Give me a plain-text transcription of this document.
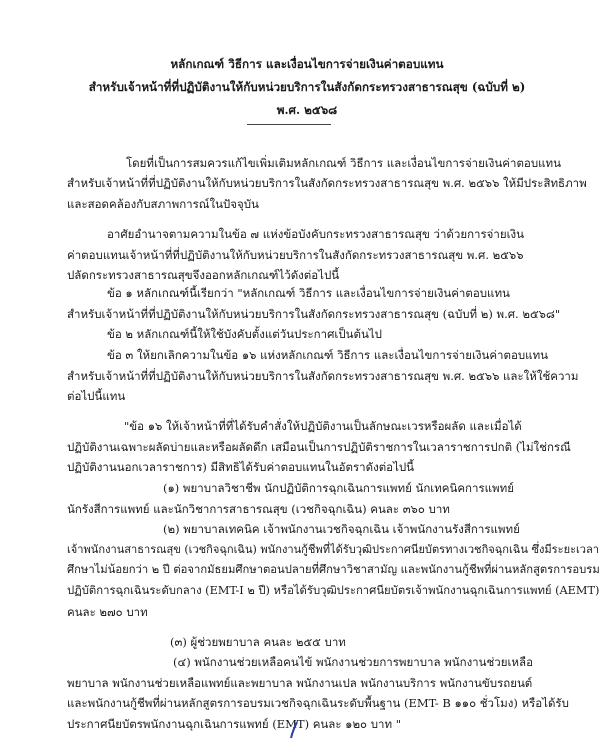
หลักเกณฑ์ วิธีการ และเงื่อนไขการจ่ายเงินค่าตอบแทน
สำหรับเจ้าหน้าที่ที่ปฏิบัติงานให้กับหน่วยบริการในสังกัดกระทรวงสาธารณสุข (ฉบับที่ ๒)
พ.ศ. ๒๕๖๘
โดยที่เป็นการสมควรแก้ไขเพิ่มเติมหลักเกณฑ์ วิธีการ และเงื่อนไขการจ่ายเงินค่าตอบแทน
สำหรับเจ้าหน้าที่ที่ปฏิบัติงานให้กับหน่วยบริการในสังกัดกระทรวงสาธารณสุข พ.ศ. ๒๕๖๖ ให้มีประสิทธิภาพ
และสอดคล้องกับสภาพการณ์ในปัจจุบัน
อาศัยอำนาจตามความในข้อ ๗ แห่งข้อบังคับกระทรวงสาธารณสุข ว่าด้วยการจ่ายเงิน
ค่าตอบแทนเจ้าหน้าที่ที่ปฏิบัติงานให้กับหน่วยบริการในสังกัดกระทรวงสาธารณสุข พ.ศ. ๒๕๖๖
ปลัดกระทรวงสาธารณสุขจึงออกหลักเกณฑ์ไว้ดังต่อไปนี้
ข้อ ๑ หลักเกณฑ์นี้เรียกว่า "หลักเกณฑ์ วิธีการ และเงื่อนไขการจ่ายเงินค่าตอบแทน
สำหรับเจ้าหน้าที่ที่ปฏิบัติงานให้กับหน่วยบริการในสังกัดกระทรวงสาธารณสุข (ฉบับที่ ๒) พ.ศ. ๒๕๖๘"
ข้อ ๒ หลักเกณฑ์นี้ให้ใช้บังคับตั้งแต่วันประกาศเป็นต้นไป
ข้อ ๓ ให้ยกเลิกความในข้อ ๑๖ แห่งหลักเกณฑ์ วิธีการ และเงื่อนไขการจ่ายเงินค่าตอบแทน
สำหรับเจ้าหน้าที่ที่ปฏิบัติงานให้กับหน่วยบริการในสังกัดกระทรวงสาธารณสุข พ.ศ. ๒๕๖๖ และให้ใช้ความ
ต่อไปนี้แทน
"ข้อ ๑๖ ให้เจ้าหน้าที่ที่ได้รับคำสั่งให้ปฏิบัติงานเป็นลักษณะเวรหรือผลัด และเมื่อได้
ปฏิบัติงานเฉพาะผลัดบ่ายและหรือผลัดดึก เสมือนเป็นการปฏิบัติราชการในเวลาราชการปกติ (ไม่ใช่กรณี
ปฏิบัติงานนอกเวลาราชการ) มีสิทธิได้รับค่าตอบแทนในอัตราดังต่อไปนี้
(๑) พยาบาลวิชาชีพ นักปฏิบัติการฉุกเฉินการแพทย์ นักเทคนิคการแพทย์
นักรังสีการแพทย์ และนักวิชาการสาธารณสุข (เวชกิจฉุกเฉิน) คนละ ๓๖๐ บาท
(๒) พยาบาลเทคนิค เจ้าพนักงานเวชกิจฉุกเฉิน เจ้าพนักงานรังสีการแพทย์
เจ้าพนักงานสาธารณสุข (เวชกิจฉุกเฉิน) พนักงานกู้ชีพที่ได้รับวุฒิประกาศนียบัตรทางเวชกิจฉุกเฉิน ซึ่งมีระยะเวลา
ศึกษาไม่น้อยกว่า ๒ ปี ต่อจากมัธยมศึกษาตอนปลายที่ศึกษาวิชาสามัญ และพนักงานกู้ชีพที่ผ่านหลักสูตรการอบรม
ปฏิบัติการฉุกเฉินระดับกลาง (EMT-I ๒ ปี) หรือได้รับวุฒิประกาศนียบัตรเจ้าพนักงานฉุกเฉินการแพทย์ (AEMT)
คนละ ๒๗๐ บาท
(๓) ผู้ช่วยพยาบาล คนละ ๒๕๕ บาท
(๔) พนักงานช่วยเหลือคนไข้ พนักงานช่วยการพยาบาล พนักงานช่วยเหลือ
พยาบาล พนักงานช่วยเหลือแพทย์และพยาบาล พนักงานเปล พนักงานบริการ พนักงานขับรถยนต์
และพนักงานกู้ชีพที่ผ่านหลักสูตรการอบรมเวชกิจฉุกเฉินระดับพื้นฐาน (EMT- B ๑๑๐ ชั่วโมง) หรือได้รับ
ประกาศนียบัตรพนักงานฉุกเฉินการแพทย์ (EMT) คนละ ๑๒๐ บาท "
